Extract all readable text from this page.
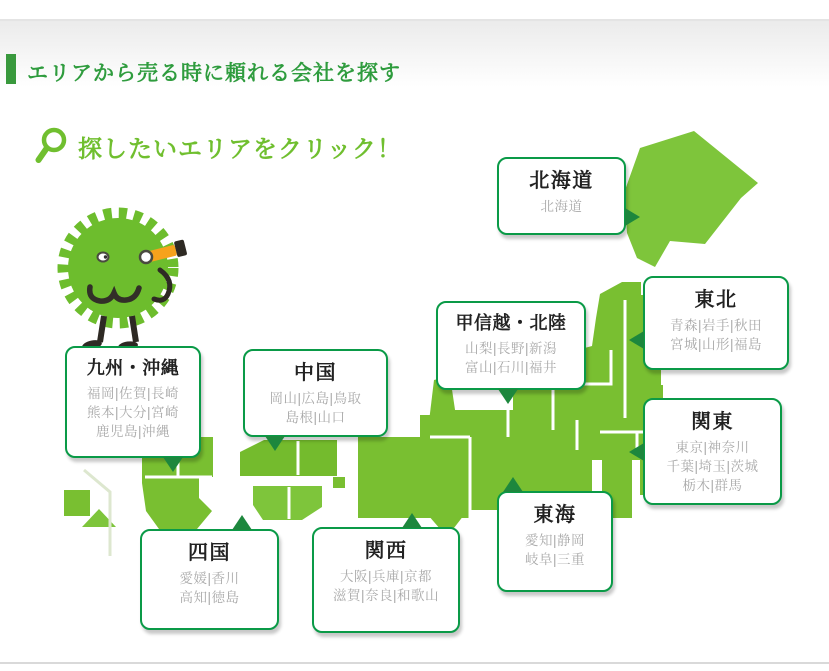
エリアから売る時に頼れる会社を探す
探したいエリアをクリック！
北海道
北海道
東北
青森|岩手|秋田
宮城|山形|福島
甲信越・北陸
山梨|長野|新潟
富山|石川|福井
関東
東京|神奈川
千葉|埼玉|茨城
栃木|群馬
中国
岡山|広島|鳥取
島根|山口
九州・沖縄
福岡|佐賀|長崎
熊本|大分|宮崎
鹿児島|沖縄
四国
愛媛|香川
高知|徳島
関西
大阪|兵庫|京都
滋賀|奈良|和歌山
東海
愛知|静岡
岐阜|三重
